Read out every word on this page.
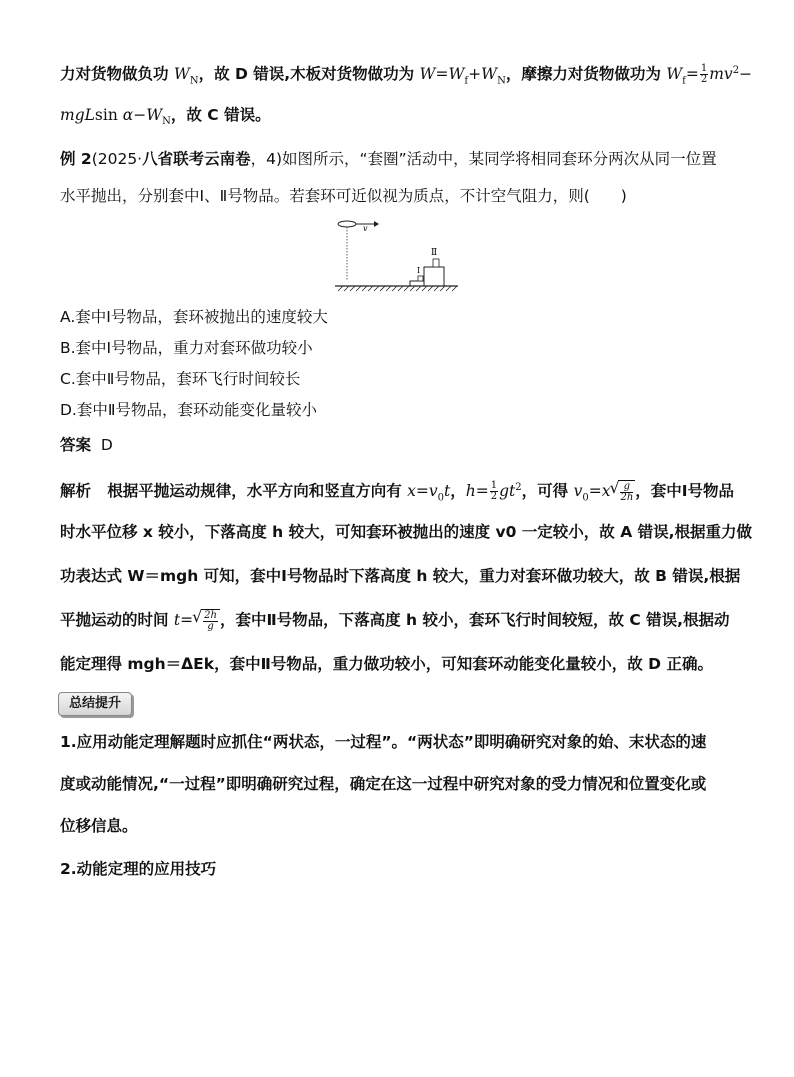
力对货物做负功 $W_N$，故 D 错误,木板对货物做功为 $W=W_f+W_N$，摩擦力对货物做功为 $W_f= \frac{1}{2} mv^2-$
mgLsin $\alpha-W_N$，故 C 错误。
例 2(2025·八省联考云南卷，4)如图所示，“套圈”活动中，某同学将相同套环分两次从同一位置
水平抛出，分别套中Ⅰ、Ⅱ号物品。若套环可近似视为质点，不计空气阻力，则(　　)
v
Ⅰ
Ⅱ
A.套中Ⅰ号物品，套环被抛出的速度较大
B.套中Ⅰ号物品，重力对套环做功较小
C.套中Ⅱ号物品，套环飞行时间较长
D.套中Ⅱ号物品，套环动能变化量较小
答案 D
解析 根据平抛运动规律，水平方向和竖直方向有 $x=v_0t$，$h= \frac{1}{2} gt^2$，可得 $v_0=x$ √ $\frac{g}{2h}$ ，套中Ⅰ号物品
时水平位移 x 较小，下落高度 h 较大，可知套环被抛出的速度 v0 一定较小，故 A 错误,根据重力做
功表达式 W＝mgh 可知，套中Ⅰ号物品时下落高度 h 较大，重力对套环做功较大，故 B 错误,根据
平抛运动的时间 t= √ $\frac{2h}{g}$ ，套中Ⅱ号物品，下落高度 h 较小，套环飞行时间较短，故 C 错误,根据动
能定理得 mgh＝ΔEk，套中Ⅱ号物品，重力做功较小，可知套环动能变化量较小，故 D 正确。
总结提升
1.应用动能定理解题时应抓住“两状态，一过程”。“两状态”即明确研究对象的始、末状态的速
度或动能情况,“一过程”即明确研究过程，确定在这一过程中研究对象的受力情况和位置变化或
位移信息。
2.动能定理的应用技巧
